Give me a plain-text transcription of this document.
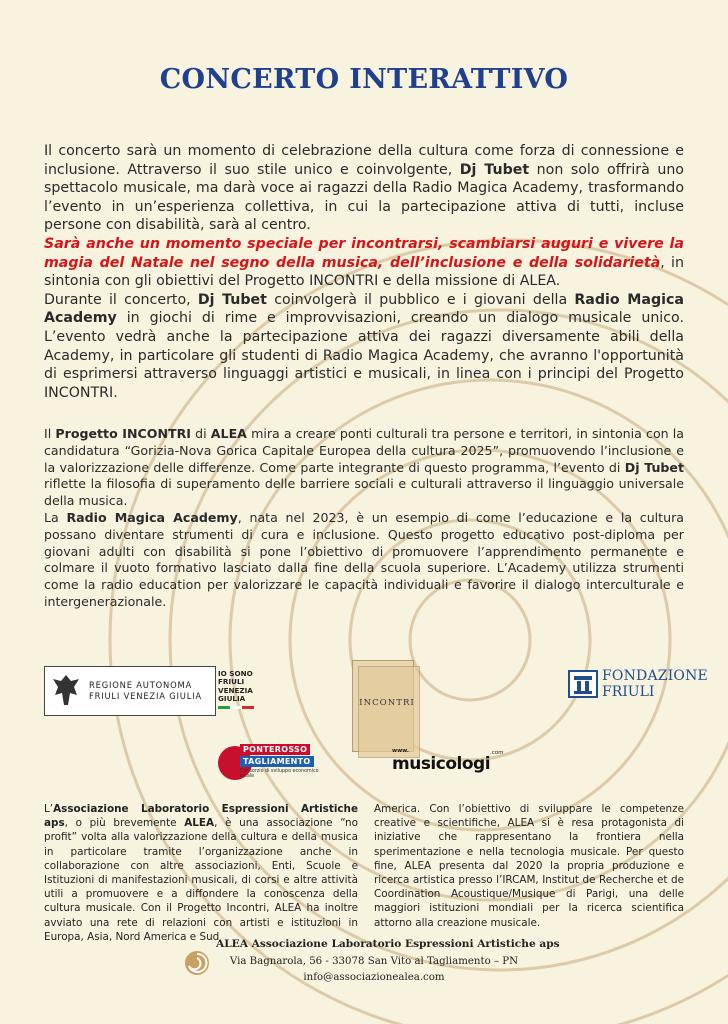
CONCERTO INTERATTIVO

Il concerto sarà un momento di celebrazione della cultura come forza di connessione e inclusione. Attraverso il suo stile unico e coinvolgente, Dj Tubet non solo offrirà uno spettacolo musicale, ma darà voce ai ragazzi della Radio Magica Academy, trasformando l’evento in un’esperienza collettiva, in cui la partecipazione attiva di tutti, incluse persone con disabilità, sarà al centro.

Sarà anche un momento speciale per incontrarsi, scambiarsi auguri e vivere la magia del Natale nel segno della musica, dell’inclusione e della solidarietà, in sintonia con gli obiettivi del Progetto INCONTRI e della missione di ALEA.

Durante il concerto, Dj Tubet coinvolgerà il pubblico e i giovani della Radio Magica Academy in giochi di rime e improvvisazioni, creando un dialogo musicale unico. L’evento vedrà anche la partecipazione attiva dei ragazzi diversamente abili della Academy, in particolare gli studenti di Radio Magica Academy, che avranno l'opportunità di esprimersi attraverso linguaggi artistici e musicali, in linea con i principi del Progetto INCONTRI.

Il Progetto INCONTRI di ALEA mira a creare ponti culturali tra persone e territori, in sintonia con la candidatura “Gorizia-Nova Gorica Capitale Europea della cultura 2025”, promuovendo l’inclusione e la valorizzazione delle differenze. Come parte integrante di questo programma, l’evento di Dj Tubet riflette la filosofia di superamento delle barriere sociali e culturali attraverso il linguaggio universale della musica.

La Radio Magica Academy, nata nel 2023, è un esempio di come l’educazione e la cultura possano diventare strumenti di cura e inclusione. Questo progetto educativo post-diploma per giovani adulti con disabilità si pone l’obiettivo di promuovere l’apprendimento permanente e colmare il vuoto formativo lasciato dalla fine della scuola superiore. L’Academy utilizza strumenti come la radio education per valorizzare le capacità individuali e favorire il dialogo interculturale e intergenerazionale.

REGIONE AUTONOMA
FRIULI VENEZIA GIULIA
IO SONO
FRIULI
VENEZIA
GIULIA	INCONTRI
FONDAZIONE
FRIULI
PONTEROSSO
TAGLIAMENTO
Consorzio di sviluppo economico locale
www.
musicologi
.com

L’Associazione Laboratorio Espressioni Artistiche aps, o più brevemente ALEA, è una associazione “no profit” volta alla valorizzazione della cultura e della musica in particolare tramite l’organizzazione anche in collaborazione con altre associazioni, Enti, Scuole e Istituzioni di manifestazioni musicali, di corsi e altre attività utili a promuovere e a diffondere la conoscenza della cultura musicale. Con il Progetto Incontri, ALEA ha inoltre avviato una rete di relazioni con artisti e istituzioni in Europa, Asia, Nord America e Sud

America. Con l’obiettivo di sviluppare le competenze creative e scientifiche, ALEA si è resa protagonista di iniziative che rappresentano la frontiera nella sperimentazione e nella tecnologia musicale. Per questo fine, ALEA presenta dal 2020 la propria produzione e ricerca artistica presso l’IRCAM, Institut de Recherche et de Coordination Acoustique/Musique di Parigi, una delle maggiori istituzioni mondiali per la ricerca scientifica attorno alla creazione musicale.

ALEA Associazione Laboratorio Espressioni Artistiche aps
Via Bagnarola, 56 - 33078 San Vito al Tagliamento – PN
info@associazionealea.com
